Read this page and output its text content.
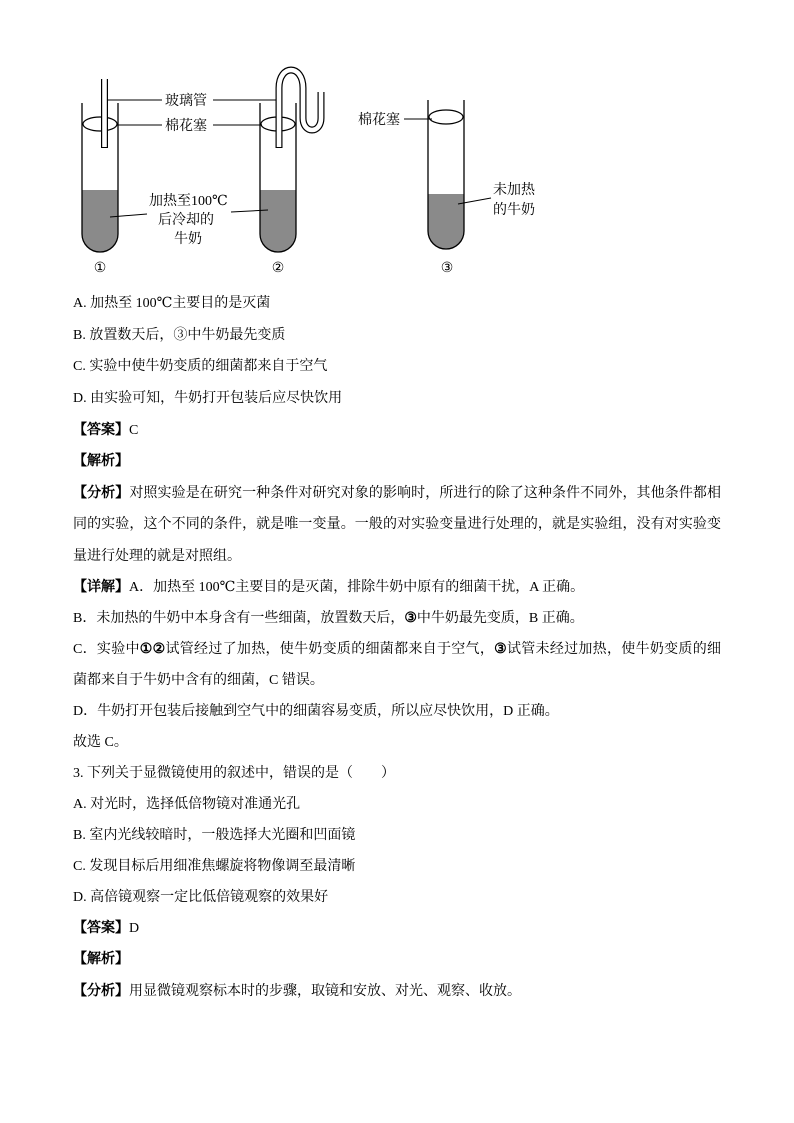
玻璃管
棉花塞
加热至100℃
后冷却的
牛奶
棉花塞
未加热
的牛奶
①	②	③
A. 加热至 100℃主要目的是灭菌
B. 放置数天后，③中牛奶最先变质
C. 实验中使牛奶变质的细菌都来自于空气
D. 由实验可知，牛奶打开包装后应尽快饮用
【答案】C
【解析】
【分析】对照实验是在研究一种条件对研究对象的影响时，所进行的除了这种条件不同外，其他条件都相
同的实验，这个不同的条件，就是唯一变量。一般的对实验变量进行处理的，就是实验组，没有对实验变
量进行处理的就是对照组。
【详解】A．加热至 100℃主要目的是灭菌，排除牛奶中原有的细菌干扰，A 正确。
B．未加热的牛奶中本身含有一些细菌，放置数天后，③中牛奶最先变质，B 正确。
C．实验中①②试管经过了加热，使牛奶变质的细菌都来自于空气，③试管未经过加热，使牛奶变质的细
菌都来自于牛奶中含有的细菌，C 错误。
D．牛奶打开包装后接触到空气中的细菌容易变质，所以应尽快饮用，D 正确。
故选 C。
3. 下列关于显微镜使用的叙述中，错误的是（　　）
A. 对光时，选择低倍物镜对准通光孔
B. 室内光线较暗时，一般选择大光圈和凹面镜
C. 发现目标后用细准焦螺旋将物像调至最清晰
D. 高倍镜观察一定比低倍镜观察的效果好
【答案】D
【解析】
【分析】用显微镜观察标本时的步骤，取镜和安放、对光、观察、收放。
